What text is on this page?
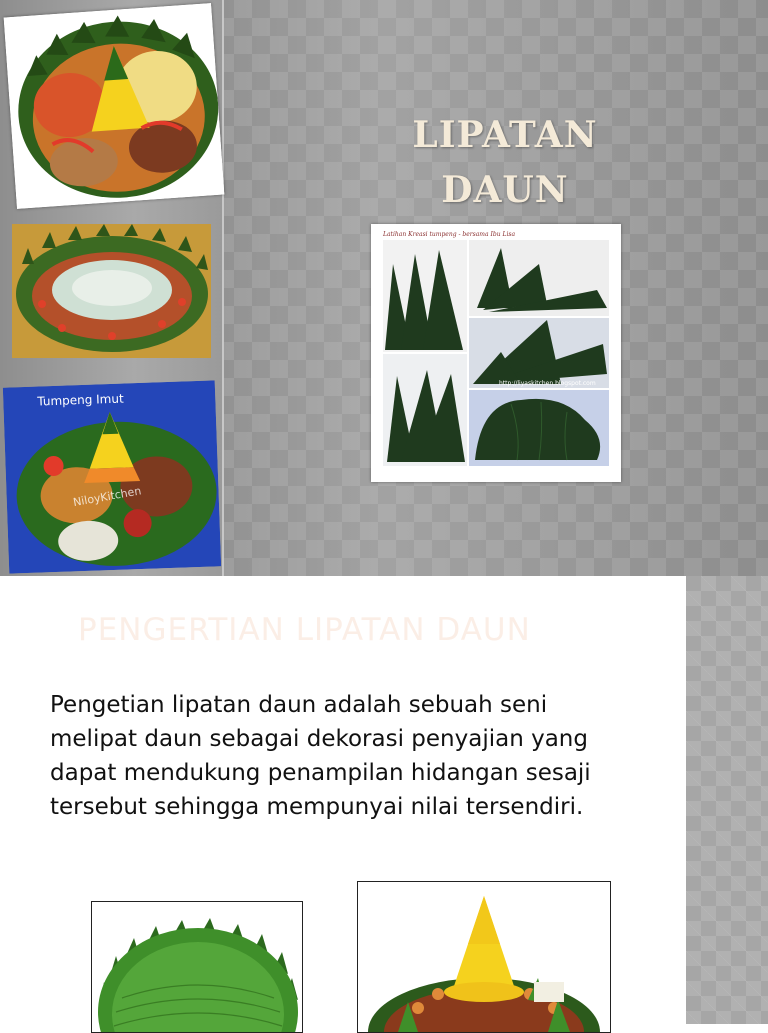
Tumpeng Imut
NiloyKitchen
LIPATAN
DAUN
Latihan Kreasi tumpeng - bersama Ibu Lisa
http://liyaskitchen.blogspot.com
PENGERTIAN LIPATAN DAUN
Pengetian lipatan daun adalah sebuah seni melipat daun sebagai dekorasi penyajian yang dapat mendukung penampilan hidangan sesaji tersebut sehingga mempunyai nilai tersendiri.
